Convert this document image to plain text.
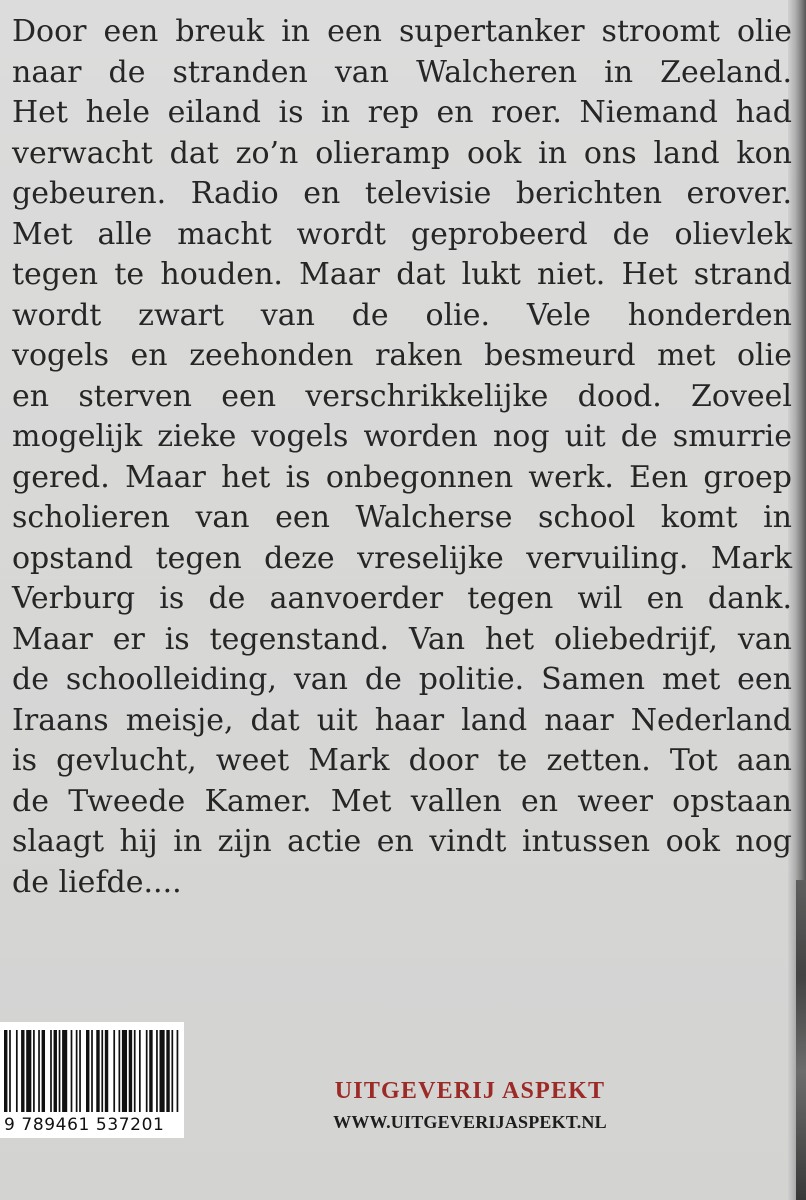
Door een breuk in een supertanker stroomt olie
naar de stranden van Walcheren in Zeeland.
Het hele eiland is in rep en roer. Niemand had
verwacht dat zo’n olieramp ook in ons land kon
gebeuren. Radio en televisie berichten erover.
Met alle macht wordt geprobeerd de olievlek
tegen te houden. Maar dat lukt niet. Het strand
wordt zwart van de olie. Vele honderden
vogels en zeehonden raken besmeurd met olie
en sterven een verschrikkelijke dood. Zoveel
mogelijk zieke vogels worden nog uit de smurrie
gered. Maar het is onbegonnen werk. Een groep
scholieren van een Walcherse school komt in
opstand tegen deze vreselijke vervuiling. Mark
Verburg is de aanvoerder tegen wil en dank.
Maar er is tegenstand. Van het oliebedrijf, van
de schoolleiding, van de politie. Samen met een
Iraans meisje, dat uit haar land naar Nederland
is gevlucht, weet Mark door te zetten. Tot aan
de Tweede Kamer. Met vallen en weer opstaan
slaagt hij in zijn actie en vindt intussen ook nog
de liefde....
9 789461 537201
UITGEVERIJ ASPEKT
WWW.UITGEVERIJASPEKT.NL
